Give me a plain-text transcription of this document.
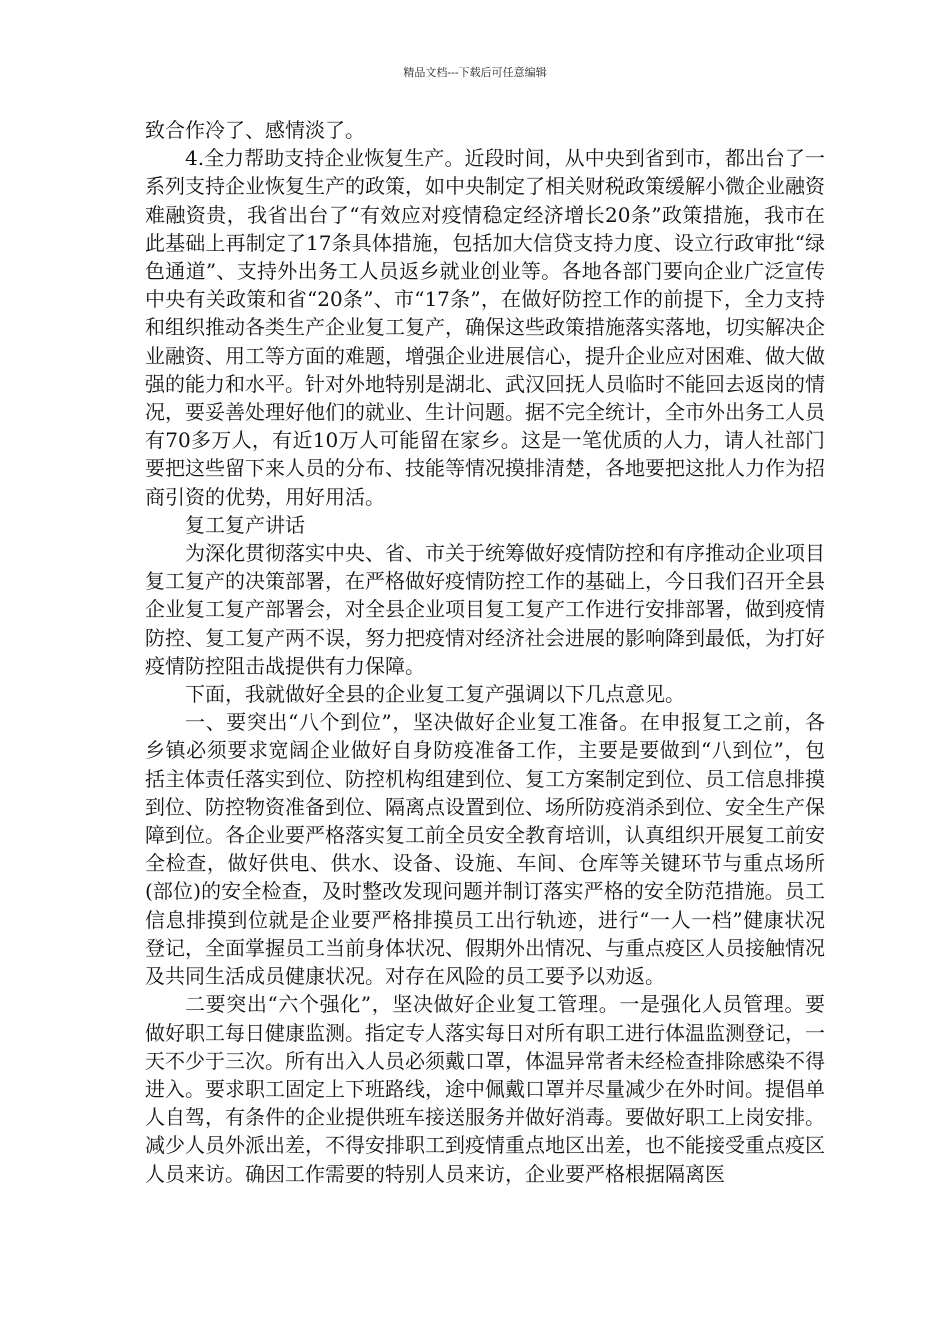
精品文档---下载后可任意编辑

致合作冷了、感情淡了。

4.全力帮助支持企业恢复生产。近段时间，从中央到省到市，都出台了一系列支持企业恢复生产的政策，如中央制定了相关财税政策缓解小微企业融资难融资贵，我省出台了“有效应对疫情稳定经济增长20条”政策措施，我市在此基础上再制定了17条具体措施，包括加大信贷支持力度、设立行政审批“绿色通道”、支持外出务工人员返乡就业创业等。各地各部门要向企业广泛宣传中央有关政策和省“20条”、市“17条”，在做好防控工作的前提下，全力支持和组织推动各类生产企业复工复产，确保这些政策措施落实落地，切实解决企业融资、用工等方面的难题，增强企业进展信心，提升企业应对困难、做大做强的能力和水平。针对外地特别是湖北、武汉回抚人员临时不能回去返岗的情况，要妥善处理好他们的就业、生计问题。据不完全统计，全市外出务工人员有70多万人，有近10万人可能留在家乡。这是一笔优质的人力，请人社部门要把这些留下来人员的分布、技能等情况摸排清楚，各地要把这批人力作为招商引资的优势，用好用活。

复工复产讲话

为深化贯彻落实中央、省、市关于统筹做好疫情防控和有序推动企业项目复工复产的决策部署，在严格做好疫情防控工作的基础上，今日我们召开全县企业复工复产部署会，对全县企业项目复工复产工作进行安排部署，做到疫情防控、复工复产两不误，努力把疫情对经济社会进展的影响降到最低，为打好疫情防控阻击战提供有力保障。

下面，我就做好全县的企业复工复产强调以下几点意见。

一、要突出“八个到位”，坚决做好企业复工准备。在申报复工之前，各乡镇必须要求宽阔企业做好自身防疫准备工作，主要是要做到“八到位”，包括主体责任落实到位、防控机构组建到位、复工方案制定到位、员工信息排摸到位、防控物资准备到位、隔离点设置到位、场所防疫消杀到位、安全生产保障到位。各企业要严格落实复工前全员安全教育培训，认真组织开展复工前安全检查，做好供电、供水、设备、设施、车间、仓库等关键环节与重点场所(部位)的安全检查，及时整改发现问题并制订落实严格的安全防范措施。员工信息排摸到位就是企业要严格排摸员工出行轨迹，进行“一人一档”健康状况登记，全面掌握员工当前身体状况、假期外出情况、与重点疫区人员接触情况及共同生活成员健康状况。对存在风险的员工要予以劝返。

二要突出“六个强化”，坚决做好企业复工管理。一是强化人员管理。要做好职工每日健康监测。指定专人落实每日对所有职工进行体温监测登记，一天不少于三次。所有出入人员必须戴口罩，体温异常者未经检查排除感染不得进入。要求职工固定上下班路线，途中佩戴口罩并尽量减少在外时间。提倡单人自驾，有条件的企业提供班车接送服务并做好消毒。要做好职工上岗安排。减少人员外派出差，不得安排职工到疫情重点地区出差，也不能接受重点疫区人员来访。确因工作需要的特别人员来访，企业要严格根据隔离医
